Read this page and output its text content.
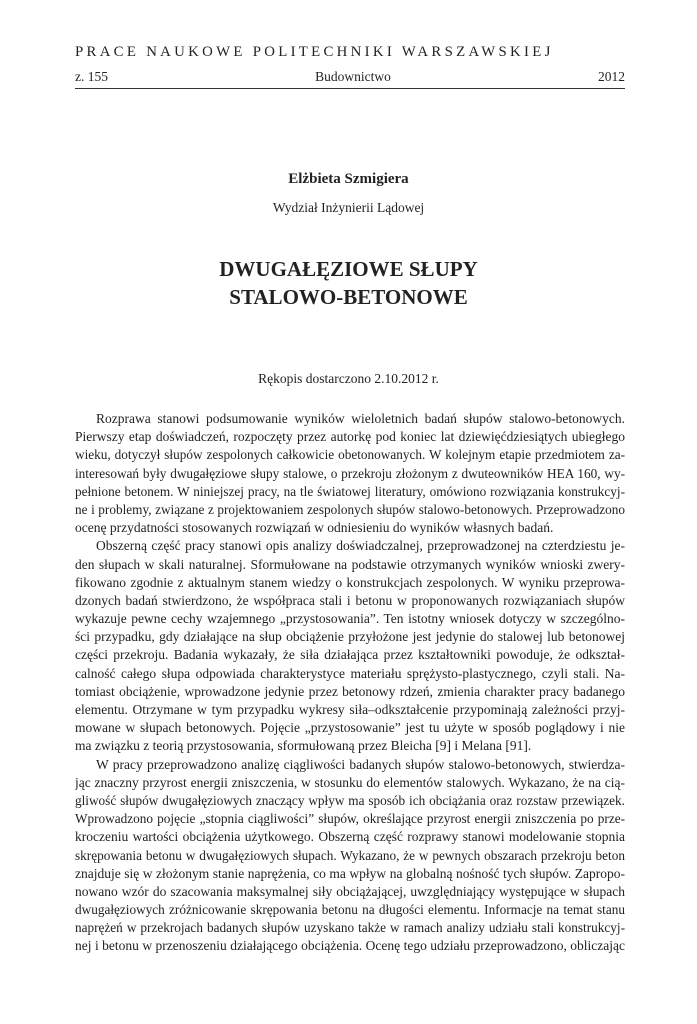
PRACE NAUKOWE POLITECHNIKI WARSZAWSKIEJ
z. 155	Budownictwo	2012
Elżbieta Szmigiera
Wydział Inżynierii Lądowej
DWUGAŁĘZIOWE SŁUPY
STALOWO-BETONOWE
Rękopis dostarczono 2.10.2012 r.
Rozprawa stanowi podsumowanie wyników wieloletnich badań słupów stalowo-betonowych.
Pierwszy etap doświadczeń, rozpoczęty przez autorkę pod koniec lat dziewięćdziesiątych ubiegłego
wieku, dotyczył słupów zespolonych całkowicie obetonowanych. W kolejnym etapie przedmiotem za-
interesowań były dwugałęziowe słupy stalowe, o przekroju złożonym z dwuteowników HEA 160, wy-
pełnione betonem. W niniejszej pracy, na tle światowej literatury, omówiono rozwiązania konstrukcyj-
ne i problemy, związane z projektowaniem zespolonych słupów stalowo-betonowych. Przeprowadzono
ocenę przydatności stosowanych rozwiązań w odniesieniu do wyników własnych badań.
Obszerną część pracy stanowi opis analizy doświadczalnej, przeprowadzonej na czterdziestu je-
den słupach w skali naturalnej. Sformułowane na podstawie otrzymanych wyników wnioski zwery-
fikowano zgodnie z aktualnym stanem wiedzy o konstrukcjach zespolonych. W wyniku przeprowa-
dzonych badań stwierdzono, że współpraca stali i betonu w proponowanych rozwiązaniach słupów
wykazuje pewne cechy wzajemnego „przystosowania”. Ten istotny wniosek dotyczy w szczególno-
ści przypadku, gdy działające na słup obciążenie przyłożone jest jedynie do stalowej lub betonowej
części przekroju. Badania wykazały, że siła działająca przez kształtowniki powoduje, że odkształ-
calność całego słupa odpowiada charakterystyce materiału sprężysto-plastycznego, czyli stali. Na-
tomiast obciążenie, wprowadzone jedynie przez betonowy rdzeń, zmienia charakter pracy badanego
elementu. Otrzymane w tym przypadku wykresy siła–odkształcenie przypominają zależności przyj-
mowane w słupach betonowych. Pojęcie „przystosowanie” jest tu użyte w sposób poglądowy i nie
ma związku z teorią przystosowania, sformułowaną przez Bleicha [9] i Melana [91].
W pracy przeprowadzono analizę ciągliwości badanych słupów stalowo-betonowych, stwierdza-
jąc znaczny przyrost energii zniszczenia, w stosunku do elementów stalowych. Wykazano, że na cią-
gliwość słupów dwugałęziowych znaczący wpływ ma sposób ich obciążania oraz rozstaw przewiązek.
Wprowadzono pojęcie „stopnia ciągliwości” słupów, określające przyrost energii zniszczenia po prze-
kroczeniu wartości obciążenia użytkowego. Obszerną część rozprawy stanowi modelowanie stopnia
skrępowania betonu w dwugałęziowych słupach. Wykazano, że w pewnych obszarach przekroju beton
znajduje się w złożonym stanie naprężenia, co ma wpływ na globalną nośność tych słupów. Zapropo-
nowano wzór do szacowania maksymalnej siły obciążającej, uwzględniający występujące w słupach
dwugałęziowych zróżnicowanie skrępowania betonu na długości elementu. Informacje na temat stanu
naprężeń w przekrojach badanych słupów uzyskano także w ramach analizy udziału stali konstrukcyj-
nej i betonu w przenoszeniu działającego obciążenia. Ocenę tego udziału przeprowadzono, obliczając
